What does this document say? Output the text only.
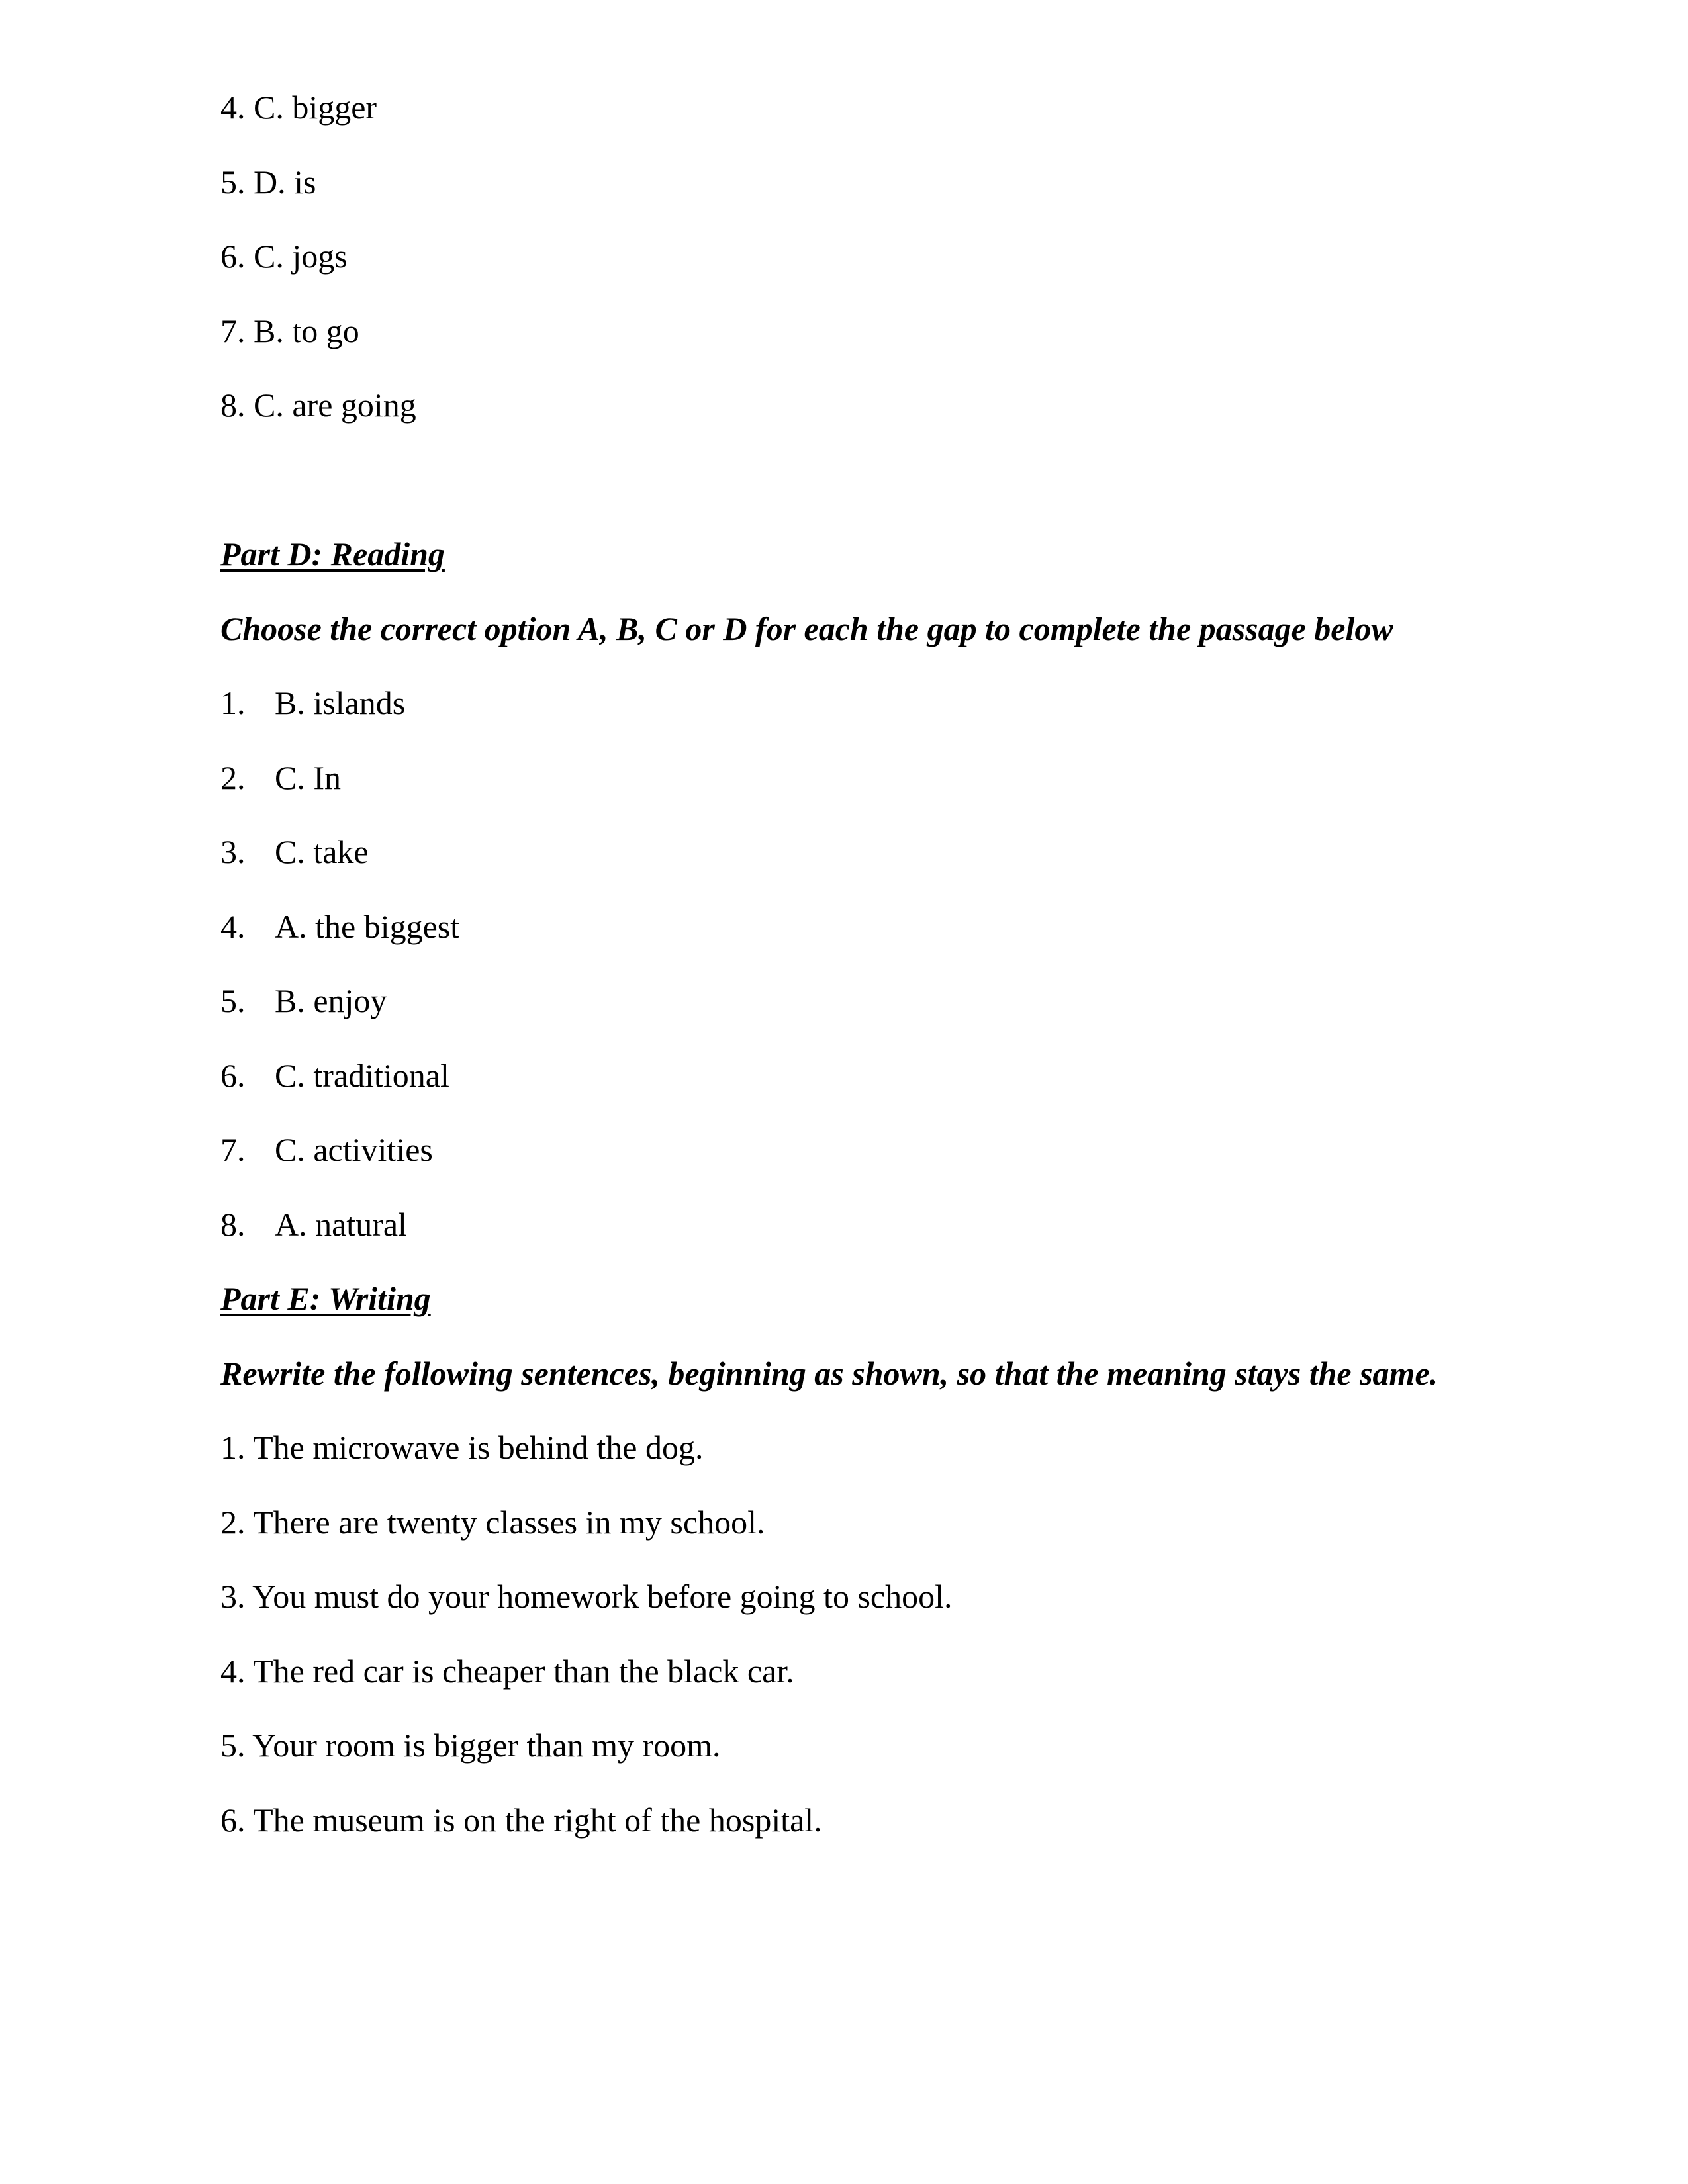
4. C. bigger
5. D. is
6. C. jogs
7. B. to go
8. C. are going
Part D: Reading
Choose the correct option A, B, C or D for each the gap to complete the passage below
1. B. islands
2. C. In
3. C. take
4. A. the biggest
5. B. enjoy
6. C. traditional
7. C. activities
8. A. natural
Part E: Writing
Rewrite the following sentences, beginning as shown, so that the meaning stays the same.
1. The microwave is behind the dog.
2. There are twenty classes in my school.
3. You must do your homework before going to school.
4. The red car is cheaper than the black car.
5. Your room is bigger than my room.
6. The museum is on the right of the hospital.
